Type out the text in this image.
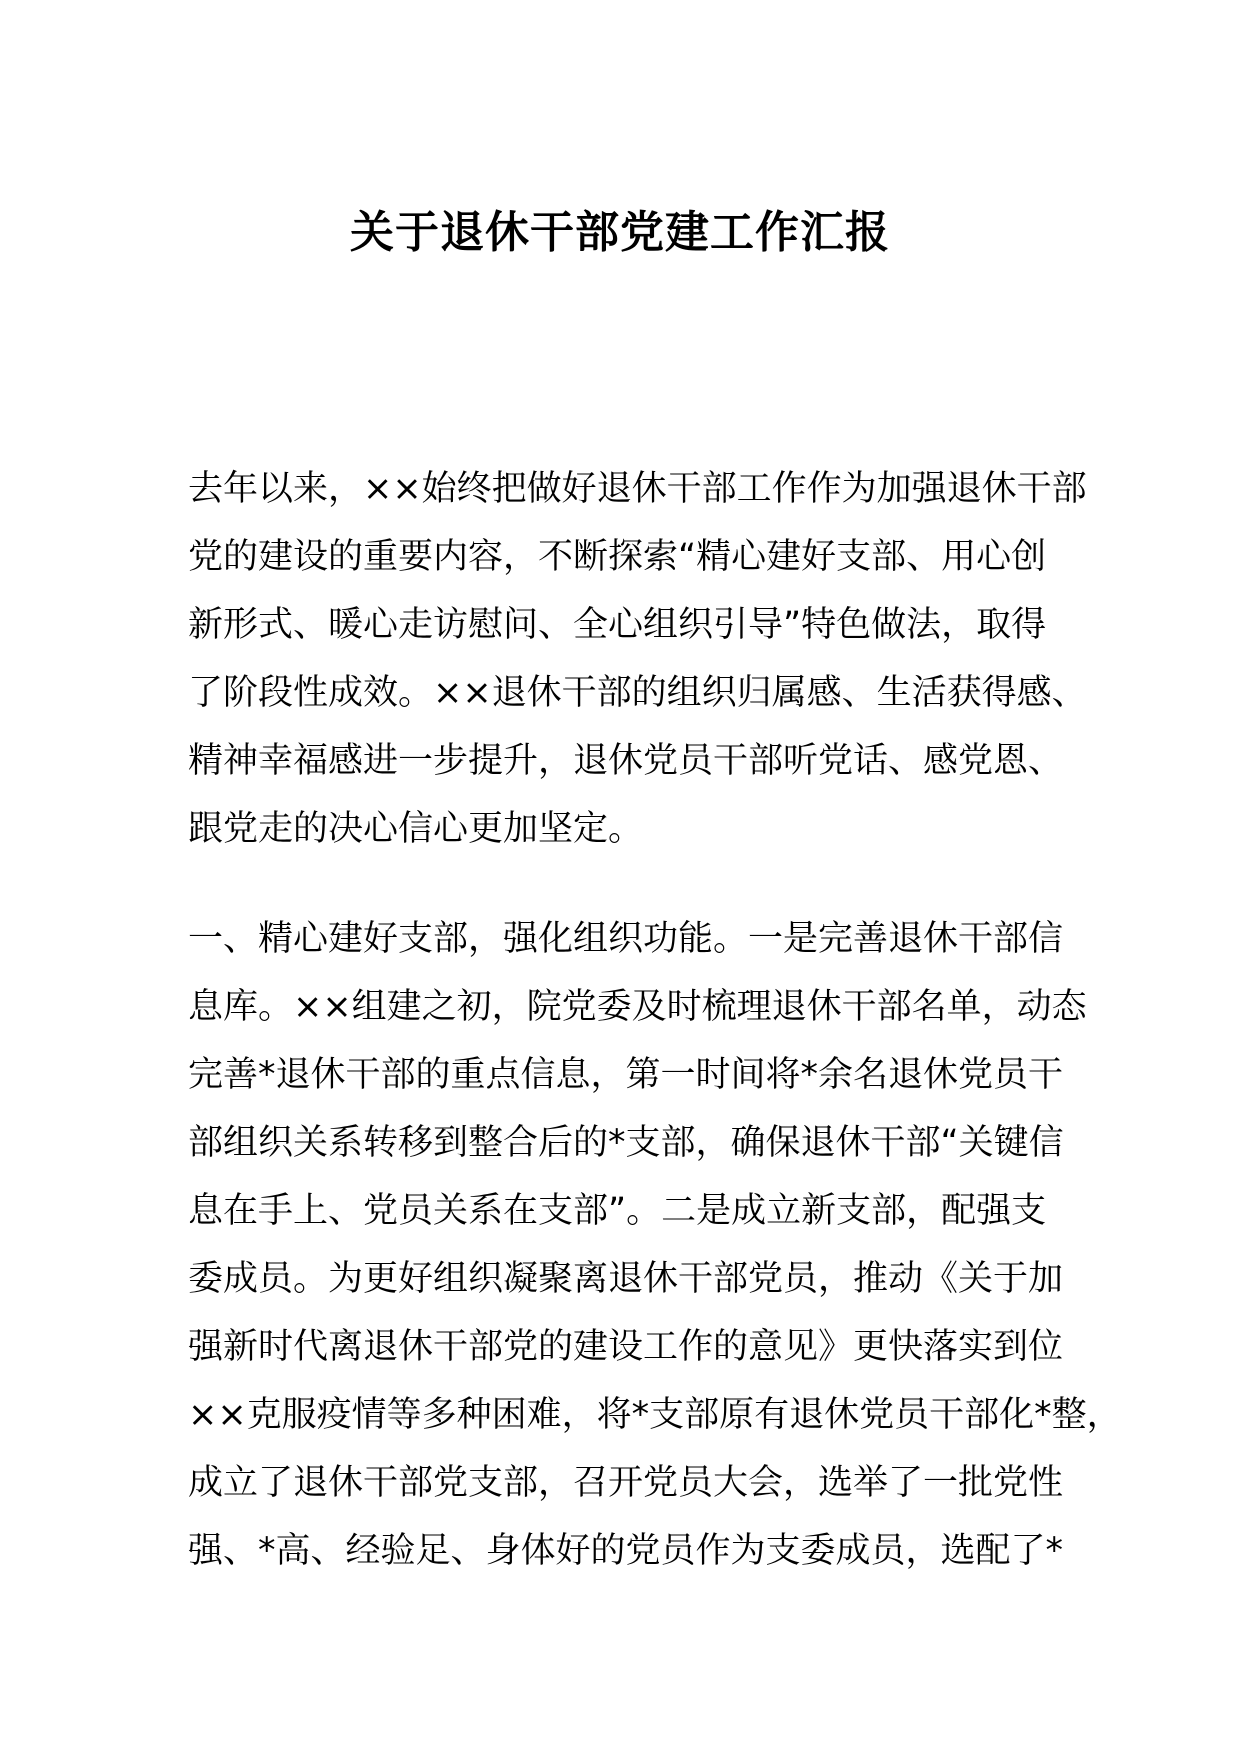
关于退休干部党建工作汇报
去年以来，××始终把做好退休干部工作作为加强退休干部
党的建设的重要内容，不断探索“精心建好支部、用心创
新形式、暖心走访慰问、全心组织引导”特色做法，取得
了阶段性成效。××退休干部的组织归属感、生活获得感、
精神幸福感进一步提升，退休党员干部听党话、感党恩、
跟党走的决心信心更加坚定。
一、精心建好支部，强化组织功能。一是完善退休干部信
息库。××组建之初，院党委及时梳理退休干部名单，动态
完善*退休干部的重点信息，第一时间将*余名退休党员干
部组织关系转移到整合后的*支部，确保退休干部“关键信
息在手上、党员关系在支部”。二是成立新支部，配强支
委成员。为更好组织凝聚离退休干部党员，推动《关于加
强新时代离退休干部党的建设工作的意见》更快落实到位
××克服疫情等多种困难，将*支部原有退休党员干部化*整，
成立了退休干部党支部，召开党员大会，选举了一批党性
强、*高、经验足、身体好的党员作为支委成员，选配了*
